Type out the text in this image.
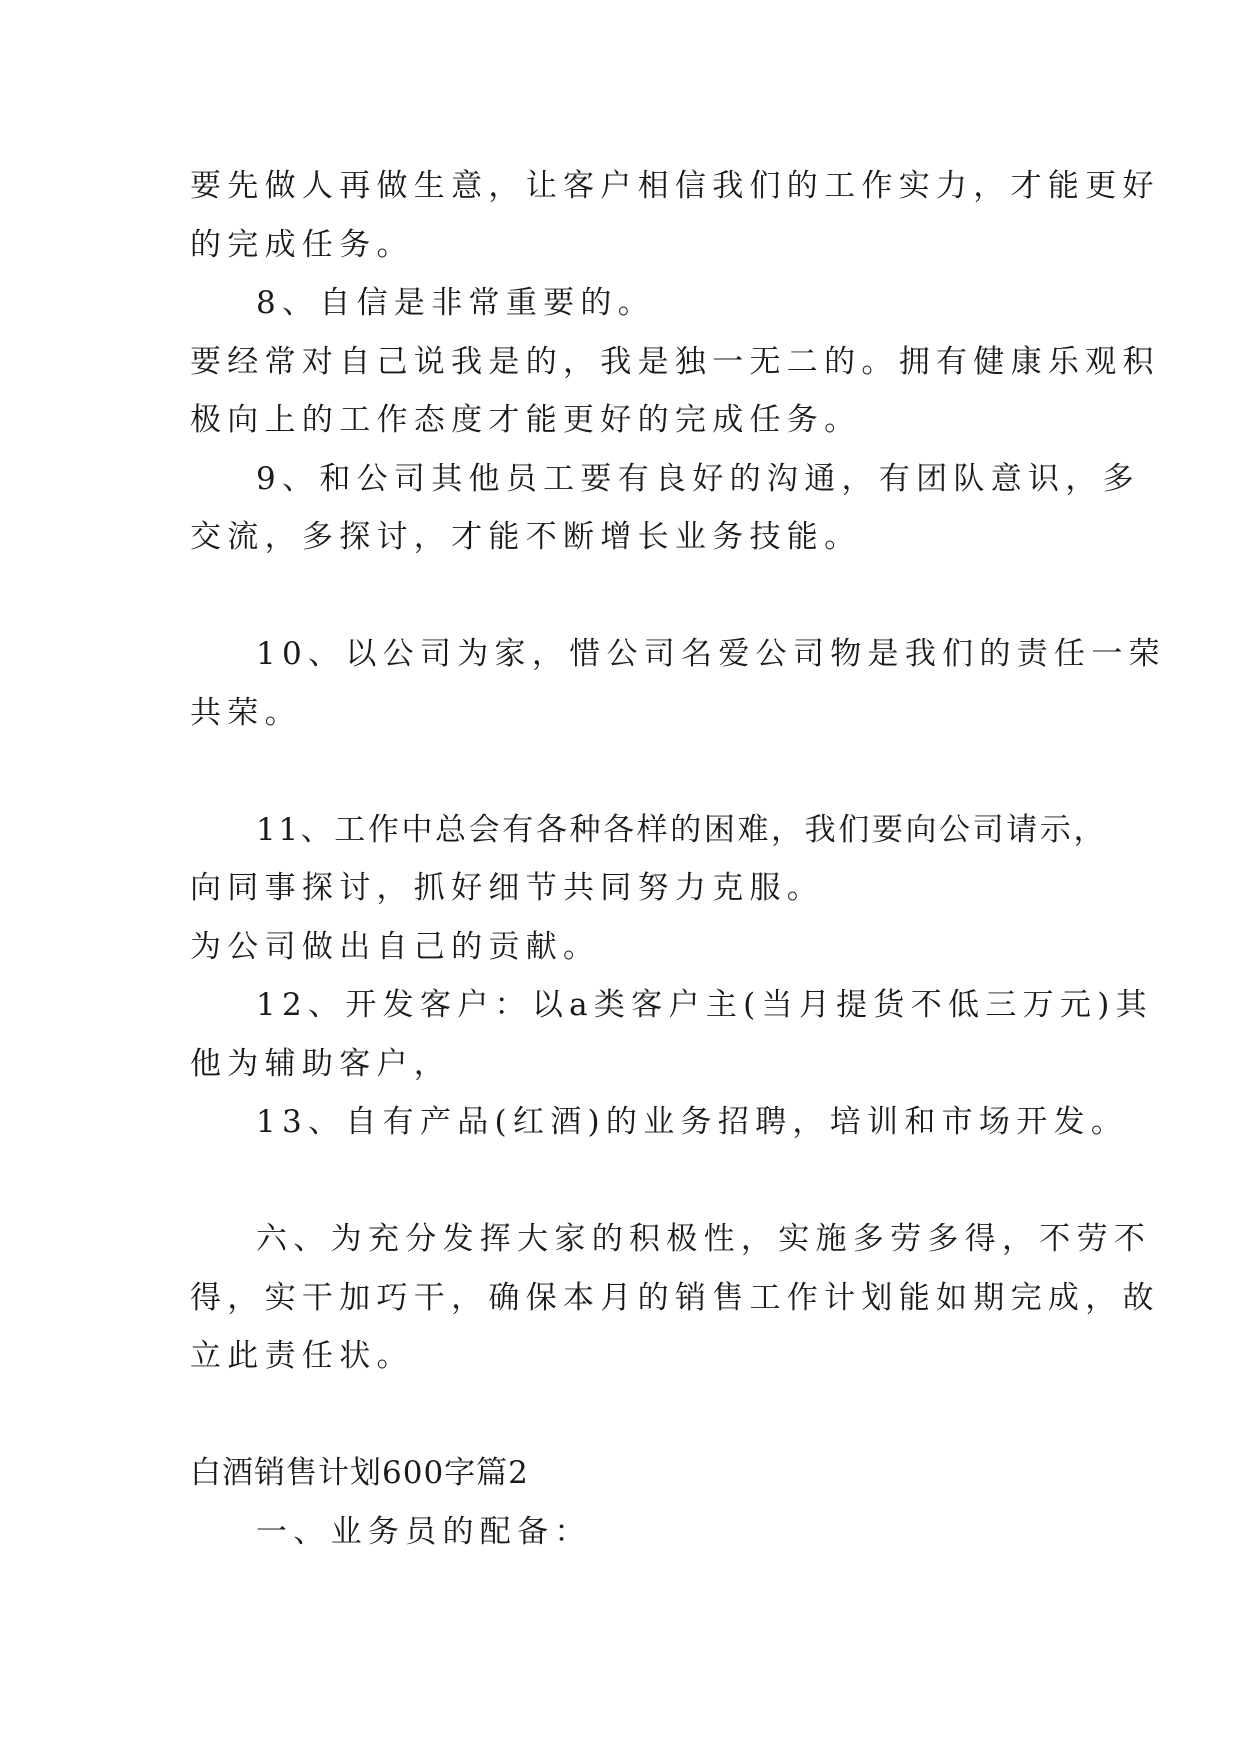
要先做人再做生意，让客户相信我们的工作实力，才能更好
的完成任务。
8、自信是非常重要的。
要经常对自己说我是的，我是独一无二的。拥有健康乐观积
极向上的工作态度才能更好的完成任务。
9、和公司其他员工要有良好的沟通，有团队意识，多
交流，多探讨，才能不断增长业务技能。
10、以公司为家，惜公司名爱公司物是我们的责任一荣
共荣。
11、工作中总会有各种各样的困难，我们要向公司请示，
向同事探讨，抓好细节共同努力克服。
为公司做出自己的贡献。
12、开发客户：以a类客户主(当月提货不低三万元)其
他为辅助客户，
13、自有产品(红酒)的业务招聘，培训和市场开发。
六、为充分发挥大家的积极性，实施多劳多得，不劳不
得，实干加巧干，确保本月的销售工作计划能如期完成，故
立此责任状。
白酒销售计划600字篇2
一、业务员的配备：
